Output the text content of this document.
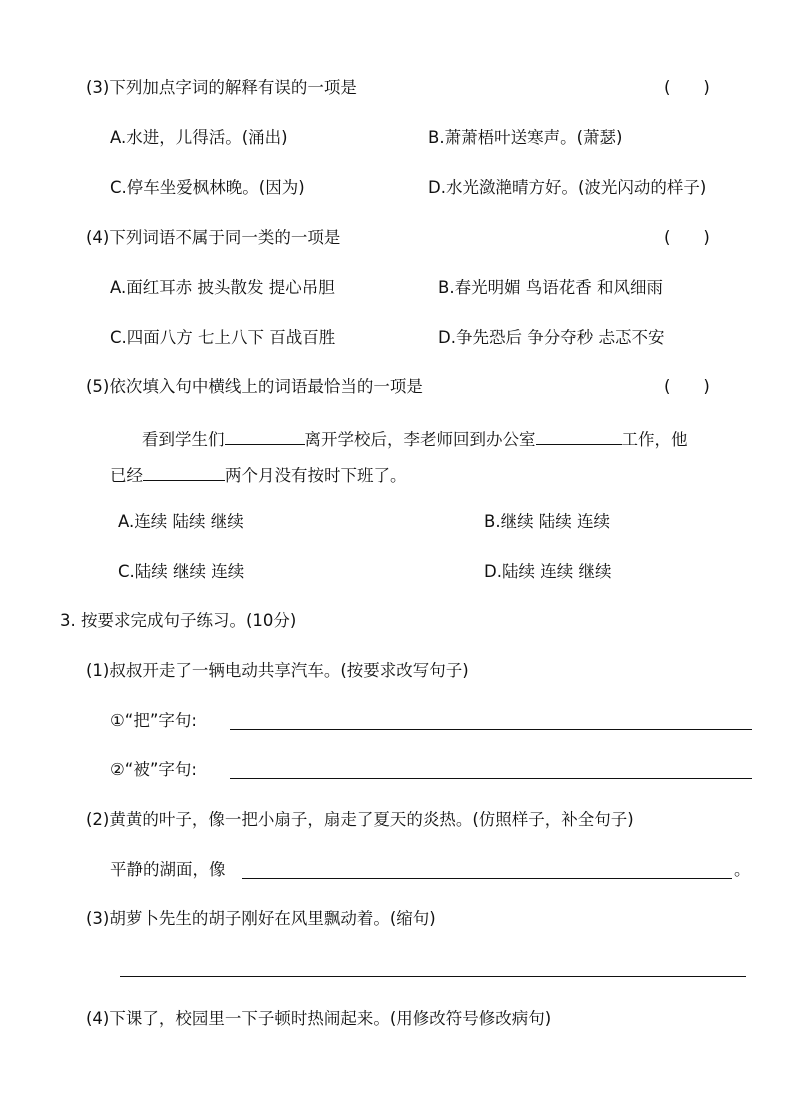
(3)下列加点字词的解释有误的一项是	(　　)
A.水进，儿得活。(涌出)	B.萧萧梧叶送寒声。(萧瑟)
C.停车坐爱枫林晚。(因为)	D.水光潋滟晴方好。(波光闪动的样子)
(4)下列词语不属于同一类的一项是	(　　)
A.面红耳赤 披头散发 提心吊胆	B.春光明媚 鸟语花香 和风细雨
C.四面八方 七上八下 百战百胜	D.争先恐后 争分夺秒 忐忑不安
(5)依次填入句中横线上的词语最恰当的一项是	(　　)
看到学生们	离开学校后，李老师回到办公室	工作，他
已经	两个月没有按时下班了。
A.连续 陆续 继续	B.继续 陆续 连续
C.陆续 继续 连续	D.陆续 连续 继续
3. 按要求完成句子练习。(10分)
(1)叔叔开走了一辆电动共享汽车。(按要求改写句子)
①“把”字句:
②“被”字句:
(2)黄黄的叶子，像一把小扇子，扇走了夏天的炎热。(仿照样子，补全句子)
平静的湖面，像	。
(3)胡萝卜先生的胡子刚好在风里飘动着。(缩句)
(4)下课了，校园里一下子顿时热闹起来。(用修改符号修改病句)
